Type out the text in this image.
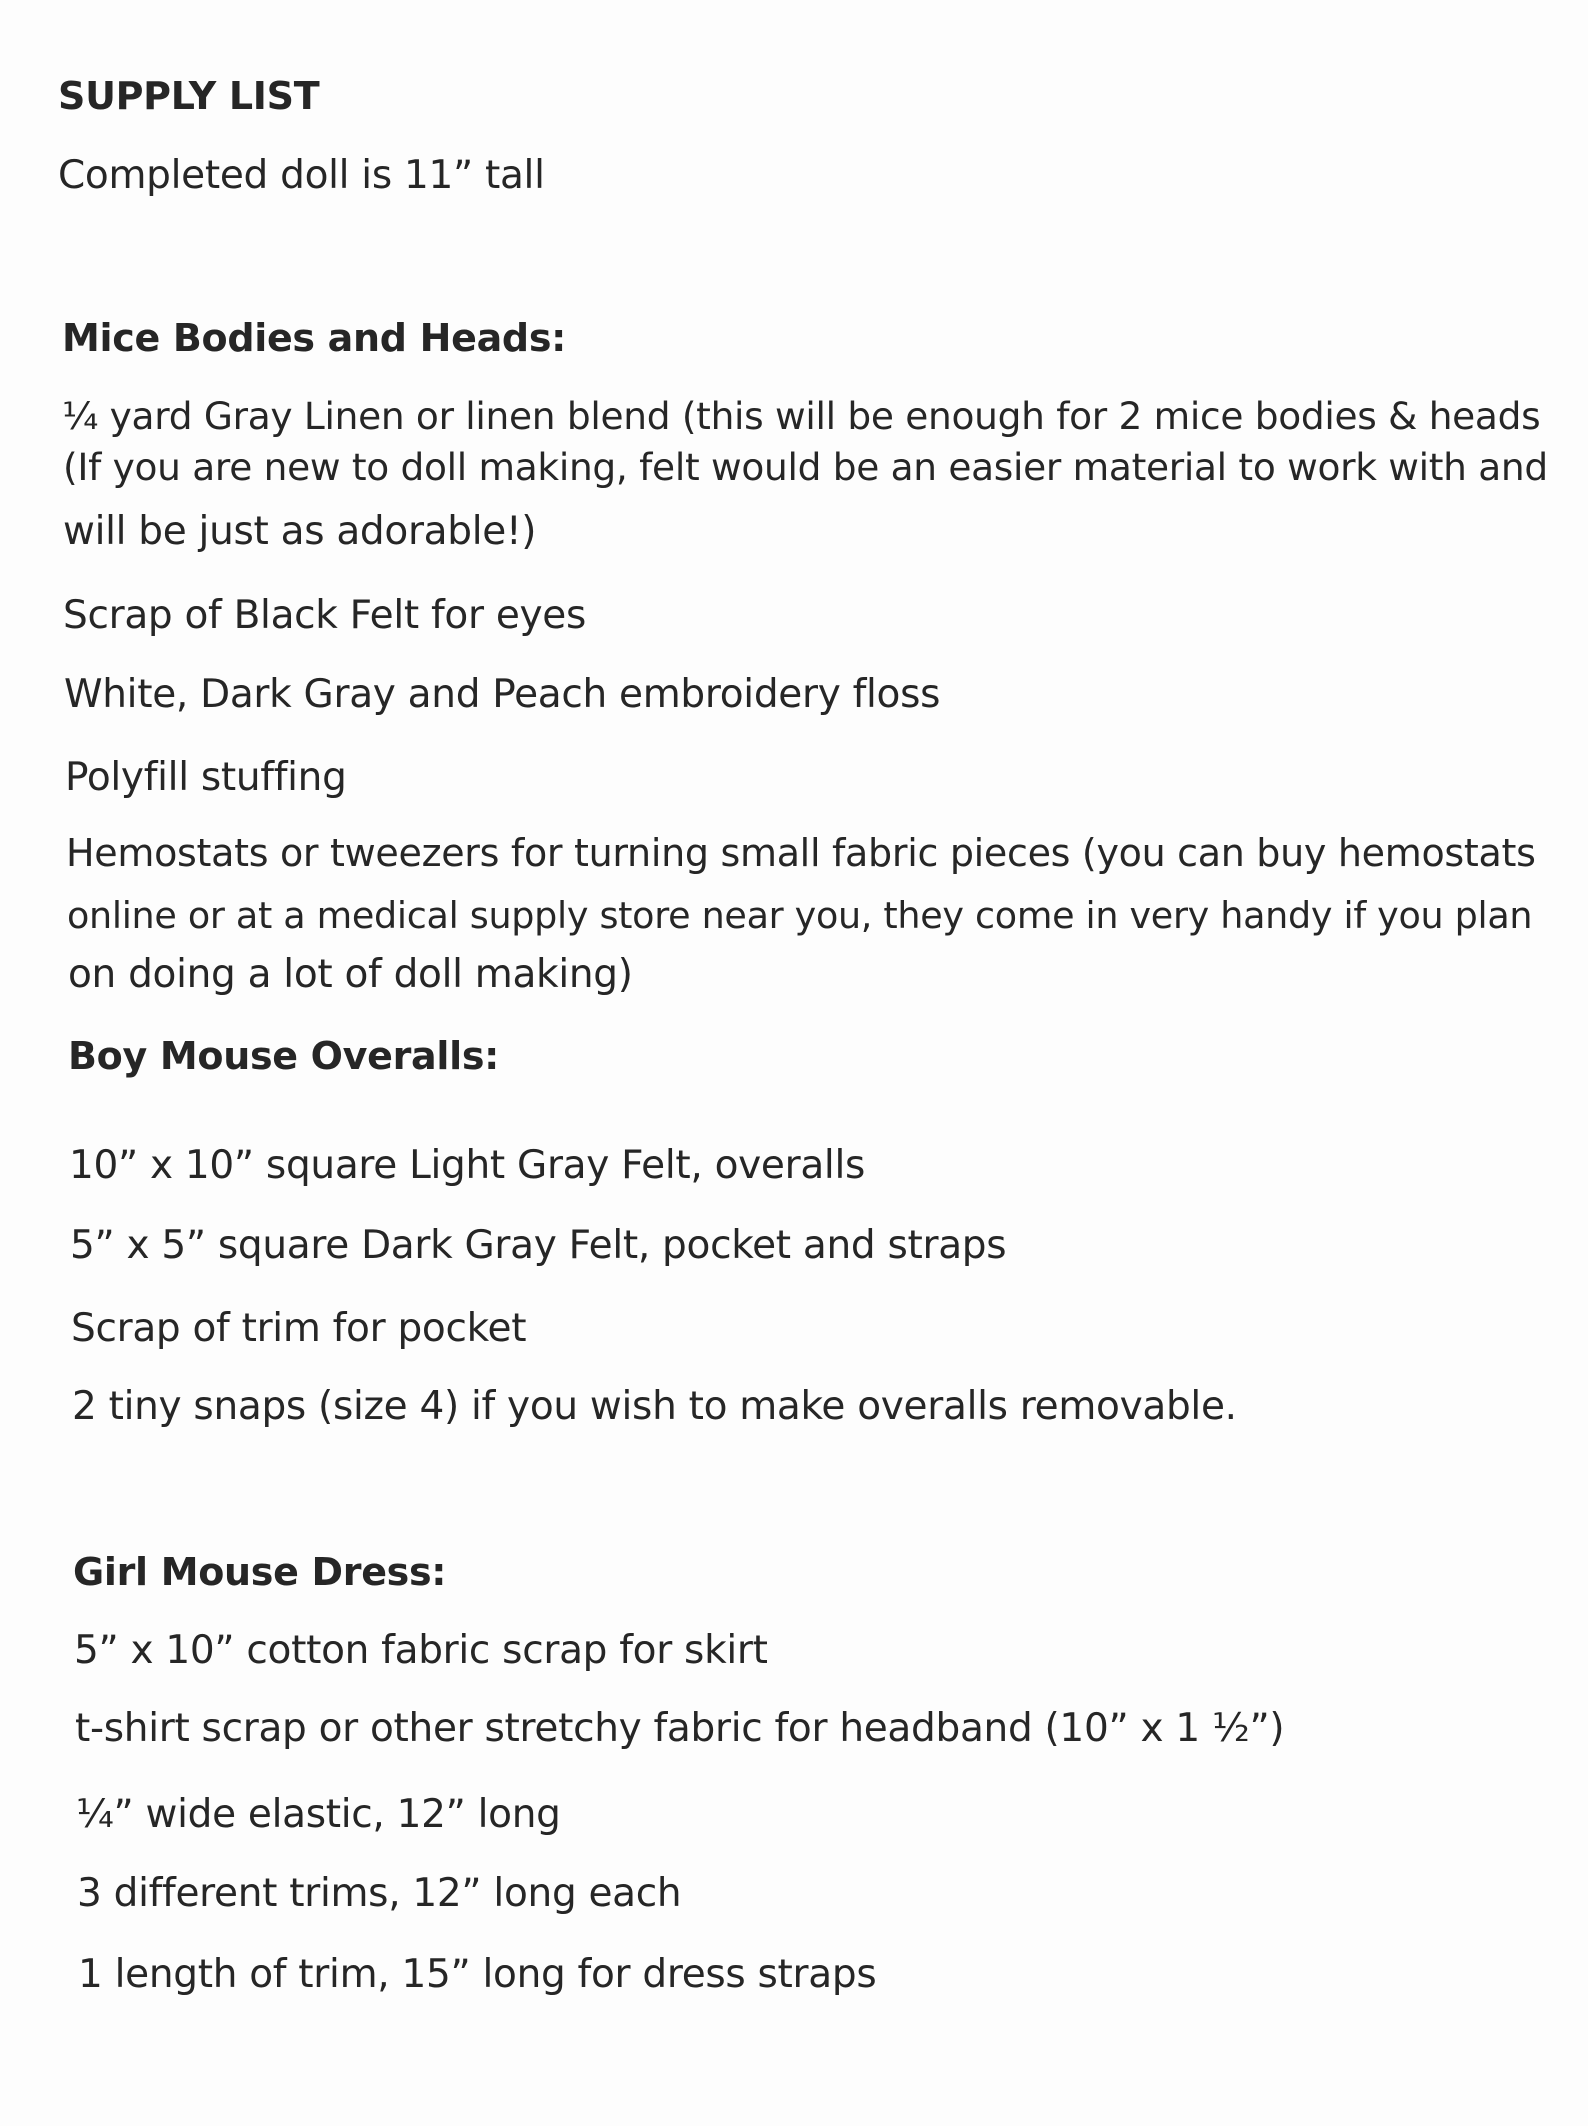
SUPPLY LIST
Completed doll is 11” tall
Mice Bodies and Heads:
¼ yard Gray Linen or linen blend (this will be enough for 2 mice bodies & heads
(If you are new to doll making, felt would be an easier material to work with and
will be just as adorable!)
Scrap of Black Felt for eyes
White, Dark Gray and Peach embroidery floss
Polyfill stuffing
Hemostats or tweezers for turning small fabric pieces (you can buy hemostats
online or at a medical supply store near you, they come in very handy if you plan
on doing a lot of doll making)
Boy Mouse Overalls:
10” x 10” square Light Gray Felt, overalls
5” x 5” square Dark Gray Felt, pocket and straps
Scrap of trim for pocket
2 tiny snaps (size 4) if you wish to make overalls removable.
Girl Mouse Dress:
5” x 10” cotton fabric scrap for skirt
t-shirt scrap or other stretchy fabric for headband (10” x 1 ½”)
¼” wide elastic, 12” long
3 different trims, 12” long each
1 length of trim, 15” long for dress straps
